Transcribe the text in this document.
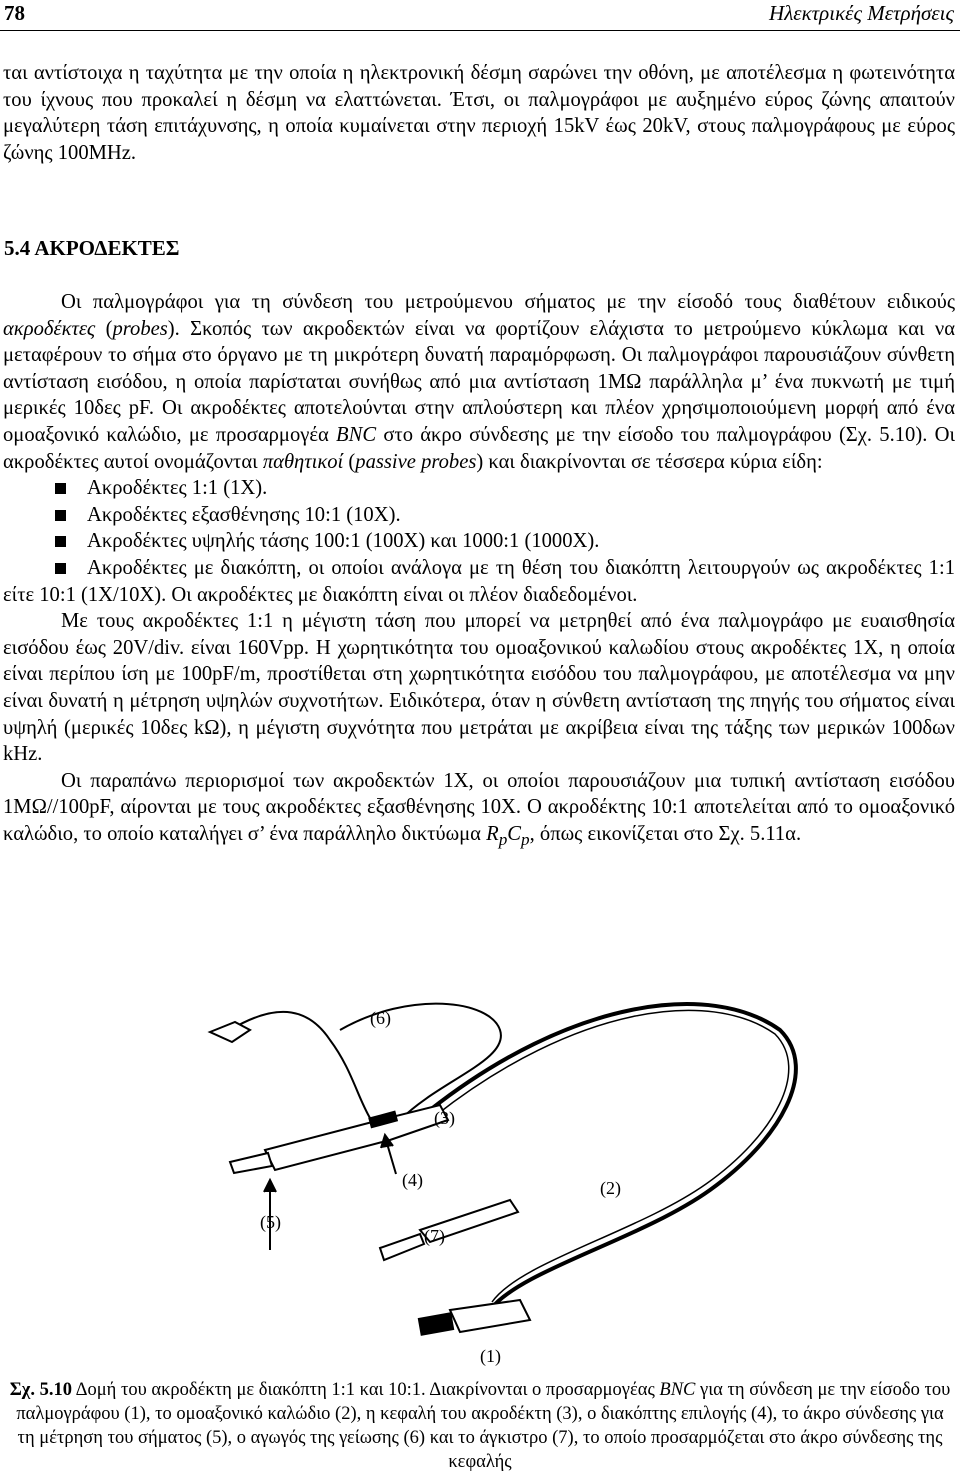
78	Ηλεκτρικές Μετρήσεις

ται αντίστοιχα η ταχύτητα με την οποία η ηλεκτρονική δέσμη σαρώνει την οθόνη, με αποτέλεσμα η φωτεινότητα του ίχνους που προκαλεί η δέσμη να ελαττώνεται. Έτσι, οι παλμογράφοι με αυξημένο εύρος ζώνης απαιτούν μεγαλύτερη τάση επιτάχυνσης, η οποία κυμαίνεται στην περιοχή 15kV έως 20kV, στους παλμογράφους με εύρος ζώνης 100MHz.

5.4 ΑΚΡΟΔΕΚΤΕΣ

Οι παλμογράφοι για τη σύνδεση του μετρούμενου σήματος με την είσοδό τους διαθέτουν ειδικούς ακροδέκτες (probes). Σκοπός των ακροδεκτών είναι να φορτίζουν ελάχιστα το μετρούμενο κύκλωμα και να μεταφέρουν το σήμα στο όργανο με τη μικρότερη δυνατή παραμόρφωση. Οι παλμογράφοι παρουσιάζουν σύνθετη αντίσταση εισόδου, η οποία παρίσταται συνήθως από μια αντίσταση 1ΜΩ παράλληλα μ’ ένα πυκνωτή με τιμή μερικές 10δες pF. Οι ακροδέκτες αποτελούνται στην απλούστερη και πλέον χρησιμοποιούμενη μορφή από ένα ομοαξονικό καλώδιο, με προσαρμογέα BNC στο άκρο σύνδεσης με την είσοδο του παλμογράφου (Σχ. 5.10). Οι ακροδέκτες αυτοί ονομάζονται παθητικοί (passive probes) και διακρίνονται σε τέσσερα κύρια είδη:

Ακροδέκτες 1:1 (1X).

Ακροδέκτες εξασθένησης 10:1 (10X).

Ακροδέκτες υψηλής τάσης 100:1 (100X) και 1000:1 (1000X).

Ακροδέκτες με διακόπτη, οι οποίοι ανάλογα με τη θέση του διακόπτη λειτουργούν ως ακροδέκτες 1:1 είτε 10:1 (1X/10X). Οι ακροδέκτες με διακόπτη είναι οι πλέον διαδεδομένοι.

Με τους ακροδέκτες 1:1 η μέγιστη τάση που μπορεί να μετρηθεί από ένα παλμογράφο με ευαισθησία εισόδου έως 20V/div. είναι 160Vpp. Η χωρητικότητα του ομοαξονικού καλωδίου στους ακροδέκτες 1X, η οποία είναι περίπου ίση με 100pF/m, προστίθεται στη χωρητικότητα εισόδου του παλμογράφου, με αποτέλεσμα να μην είναι δυνατή η μέτρηση υψηλών συχνοτήτων. Ειδικότερα, όταν η σύνθετη αντίσταση της πηγής του σήματος είναι υψηλή (μερικές 10δες kΩ), η μέγιστη συχνότητα που μετράται με ακρίβεια είναι της τάξης των μερικών 100δων kHz.

Οι παραπάνω περιορισμοί των ακροδεκτών 1X, οι οποίοι παρουσιάζουν μια τυπική αντίσταση εισόδου 1ΜΩ//100pF, αίρονται με τους ακροδέκτες εξασθένησης 10X. Ο ακροδέκτης 10:1 αποτελείται από το ομοαξονικό καλώδιο, το οποίο καταλήγει σ’ ένα παράλληλο δικτύωμα $R_pC_p$, όπως εικονίζεται στο Σχ. 5.11α.

(6)
(3)
(4)	(2)
(5)
(7)
(1)
Σχ. 5.10 Δομή του ακροδέκτη με διακόπτη 1:1 και 10:1. Διακρίνονται ο προσαρμογέας BNC για τη σύνδεση με την είσοδο του παλμογράφου (1), το ομοαξονικό καλώδιο (2), η κεφαλή του ακροδέκτη (3), ο διακόπτης επιλογής (4), το άκρο σύνδεσης για τη μέτρηση του σήματος (5), ο αγωγός της γείωσης (6) και το άγκιστρο (7), το οποίο προσαρμόζεται στο άκρο σύνδεσης της κεφαλής
